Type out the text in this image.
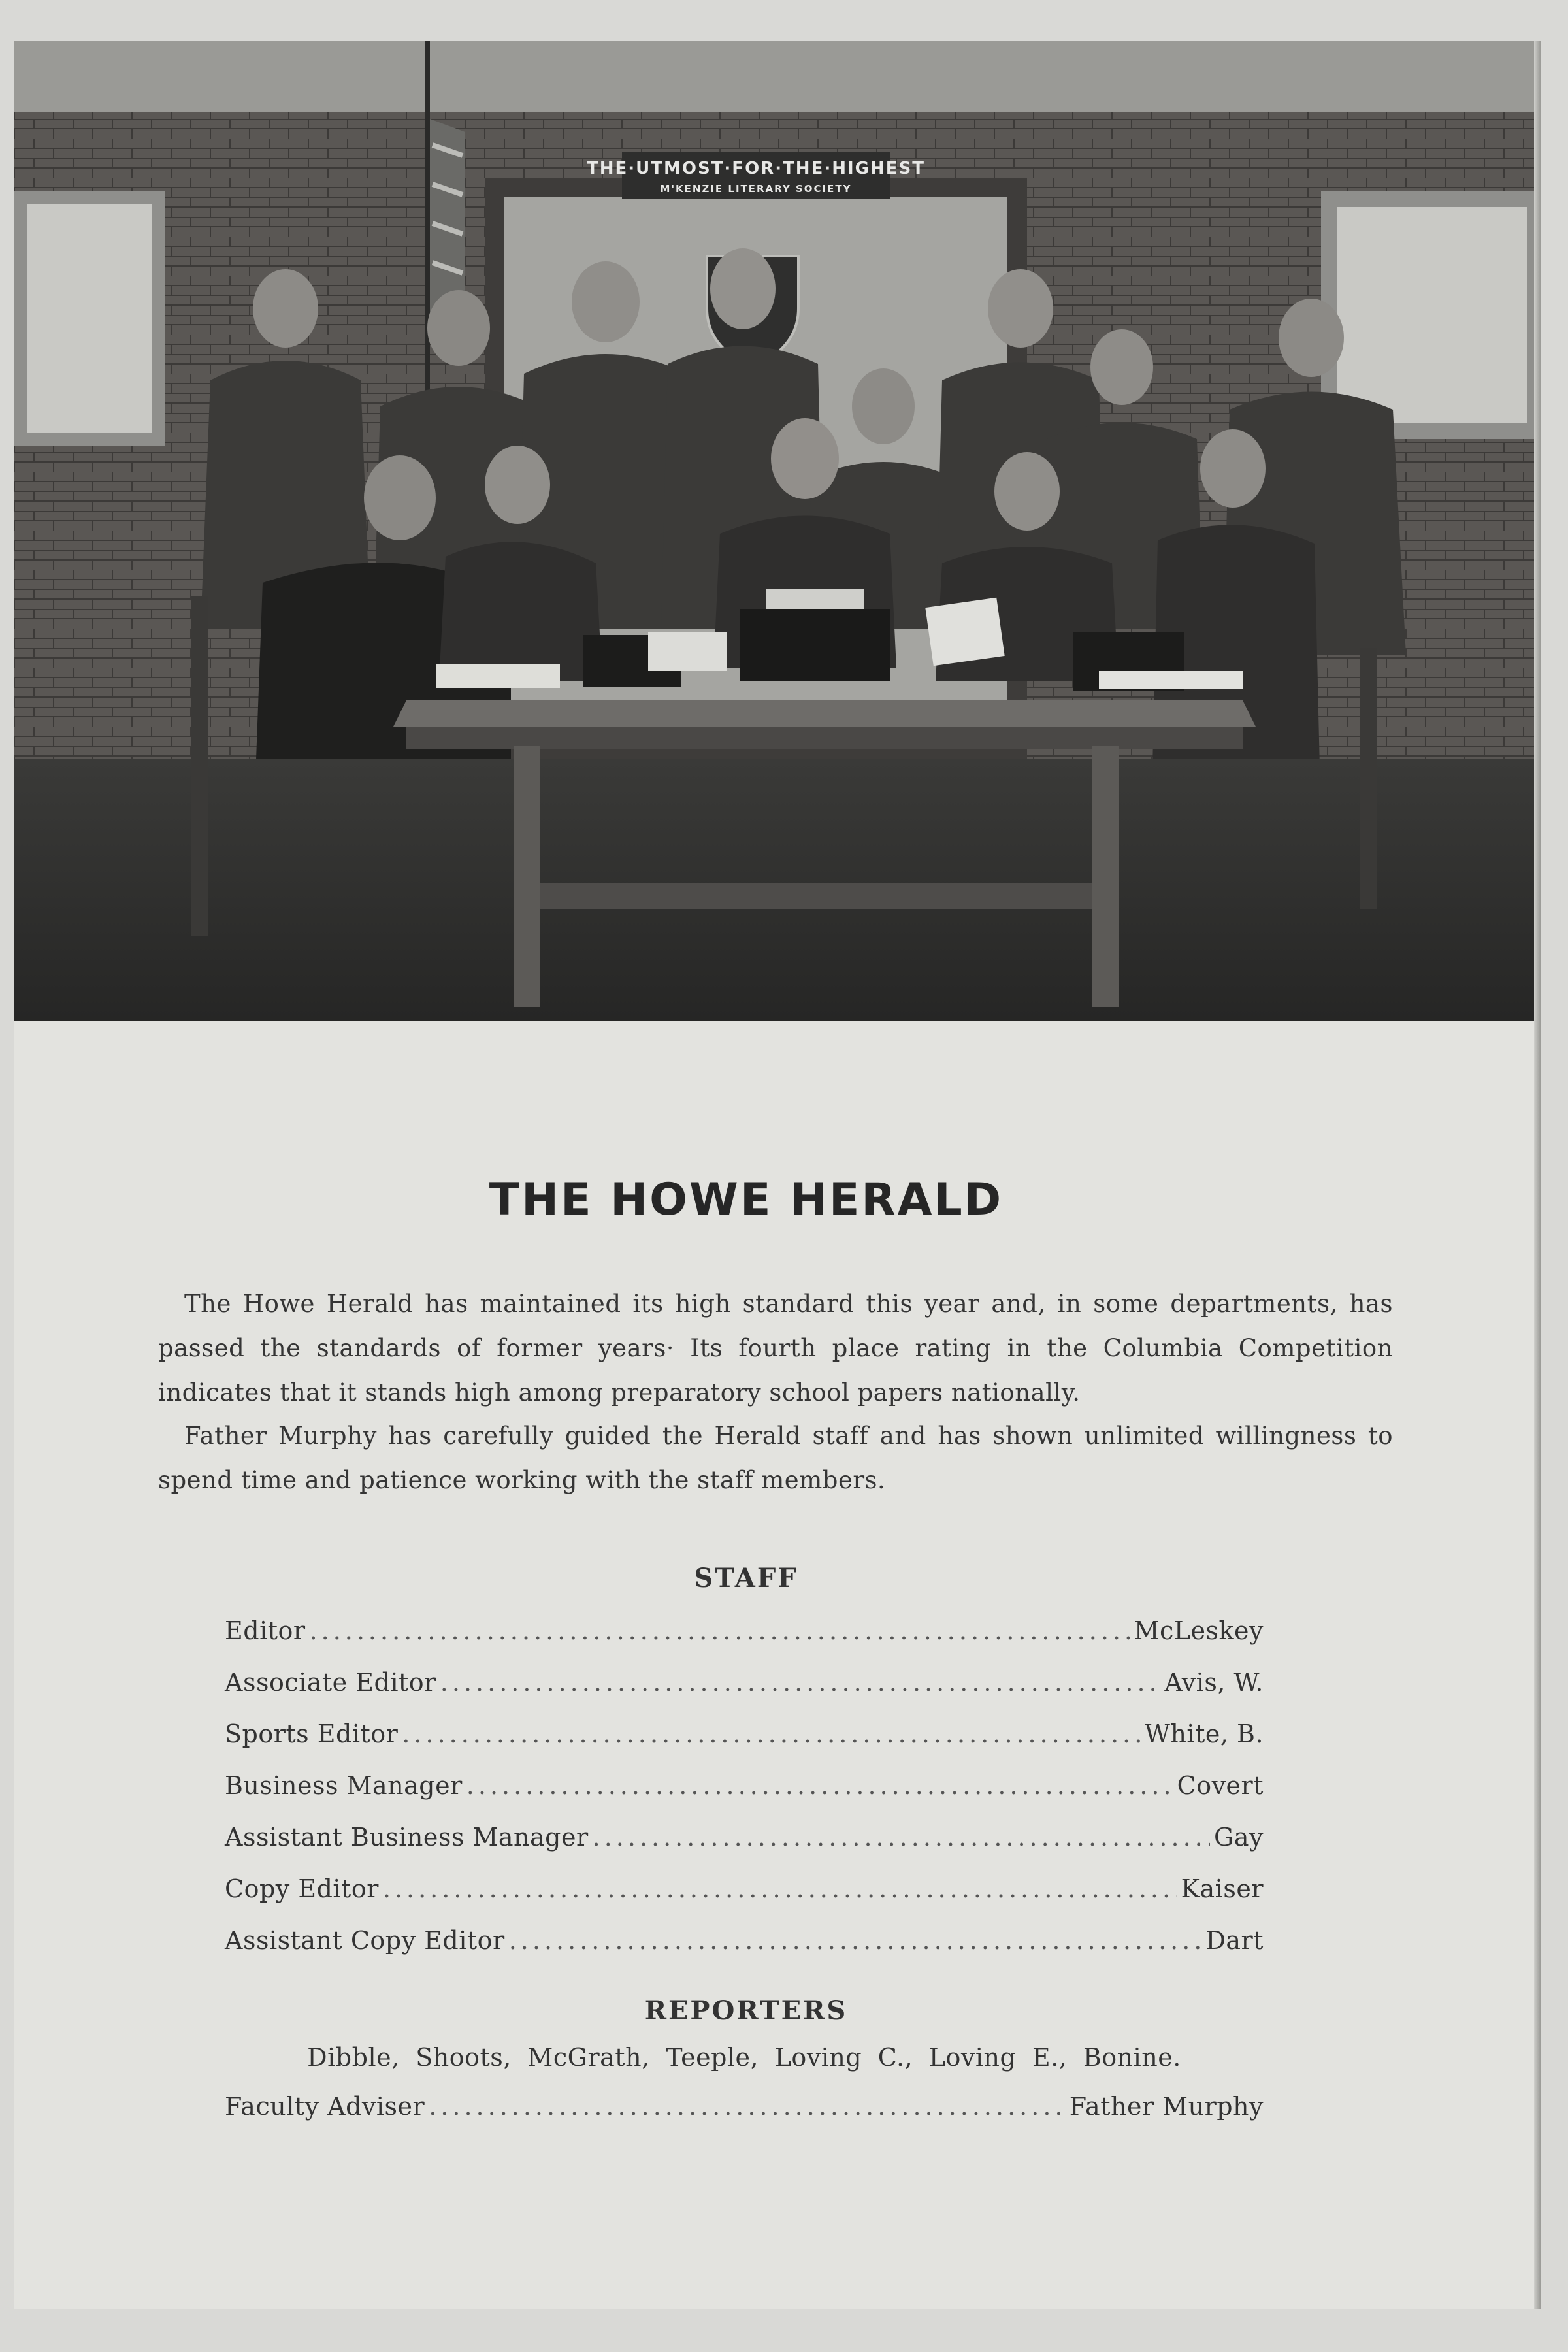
THE·UTMOST·FOR·THE·HIGHEST
M'KENZIE LITERARY SOCIETY
THE HOWE HERALD

The Howe Herald has maintained its high standard this year and, in some departments, has passed the standards of former years· Its fourth place rating in the Columbia Competition indicates that it stands high among preparatory school papers nationally.

Father Murphy has carefully guided the Herald staff and has shown unlimited willingness to spend time and patience working with the staff members.

STAFF
Editor .....	McLeskey
Associate Editor .....	Avis, W.
Sports Editor .....	White, B.
Business Manager .....	Covert
Assistant Business Manager .....	Gay
Copy Editor .....	Kaiser
Assistant Copy Editor .....	Dart
REPORTERS

Dibble, Shoots, McGrath, Teeple, Loving C., Loving E., Bonine.

Faculty Adviser .....	Father Murphy
